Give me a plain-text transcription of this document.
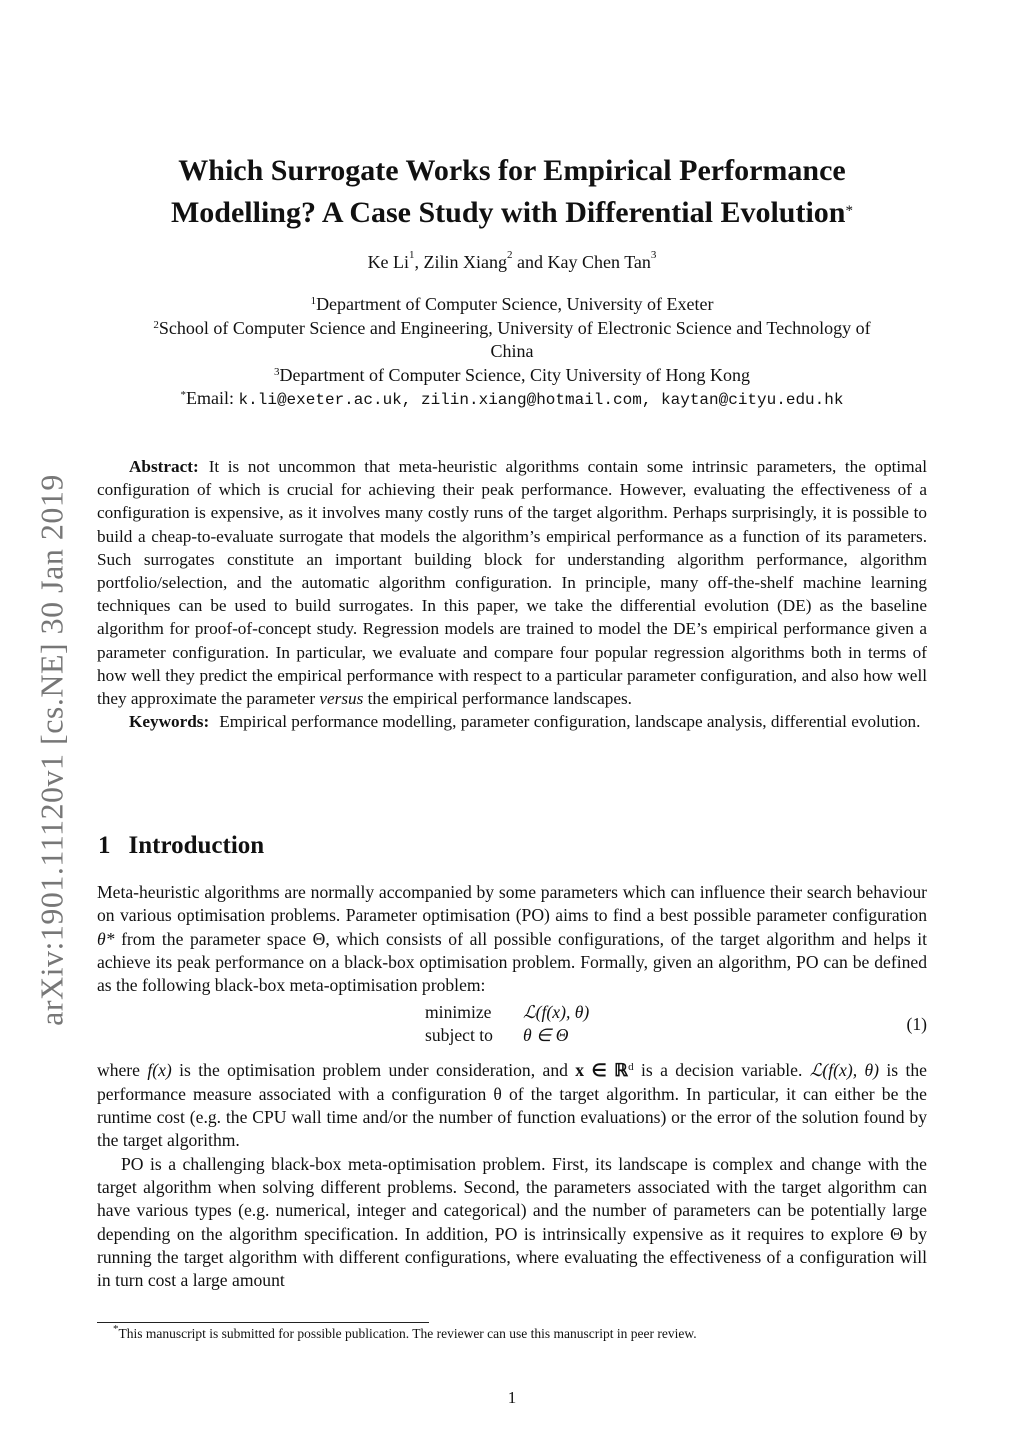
arXiv:1901.11120v1 [cs.NE] 30 Jan 2019
Which Surrogate Works for Empirical Performance
Modelling? A Case Study with Differential Evolution*
Ke Li$^1$, Zilin Xiang$^2$ and Kay Chen Tan$^3$
$^1$Department of Computer Science, University of Exeter
$^2$School of Computer Science and Engineering, University of Electronic Science and Technology of
China
$^3$Department of Computer Science, City University of Hong Kong
*Email: k.li@exeter.ac.uk, zilin.xiang@hotmail.com, kaytan@cityu.edu.hk

Abstract: It is not uncommon that meta-heuristic algorithms contain some intrinsic parameters, the optimal configuration of which is crucial for achieving their peak performance. However, evaluating the effectiveness of a configuration is expensive, as it involves many costly runs of the target algorithm. Perhaps surprisingly, it is possible to build a cheap-to-evaluate surrogate that models the algorithm’s empirical performance as a function of its parameters. Such surrogates constitute an important building block for understanding algorithm performance, algorithm portfolio/selection, and the automatic algorithm configuration. In principle, many off-the-shelf machine learning techniques can be used to build surrogates. In this paper, we take the differential evolution (DE) as the baseline algorithm for proof-of-concept study. Regression models are trained to model the DE’s empirical performance given a parameter configuration. In particular, we evaluate and compare four popular regression algorithms both in terms of how well they predict the empirical performance with respect to a particular parameter configuration, and also how well they approximate the parameter versus the empirical performance landscapes.

Keywords: Empirical performance modelling, parameter configuration, landscape analysis, differential evolution.

1 Introduction

Meta-heuristic algorithms are normally accompanied by some parameters which can influence their search behaviour on various optimisation problems. Parameter optimisation (PO) aims to find a best possible parameter configuration θ* from the parameter space Θ, which consists of all possible configurations, of the target algorithm and helps it achieve its peak performance on a black-box optimisation problem. Formally, given an algorithm, PO can be defined as the following black-box meta-optimisation problem:

minimize ℒ(f(x), θ)
subject to θ ∈ Θ
(1)

where f(x) is the optimisation problem under consideration, and x ∈ ℝ$^d$ is a decision variable. ℒ(f(x), θ) is the performance measure associated with a configuration θ of the target algorithm. In particular, it can either be the runtime cost (e.g. the CPU wall time and/or the number of function evaluations) or the error of the solution found by the target algorithm.

PO is a challenging black-box meta-optimisation problem. First, its landscape is complex and change with the target algorithm when solving different problems. Second, the parameters associated with the target algorithm can have various types (e.g. numerical, integer and categorical) and the number of parameters can be potentially large depending on the algorithm specification. In addition, PO is intrinsically expensive as it requires to explore Θ by running the target algorithm with different configurations, where evaluating the effectiveness of a configuration will in turn cost a large amount

*This manuscript is submitted for possible publication. The reviewer can use this manuscript in peer review.
1
